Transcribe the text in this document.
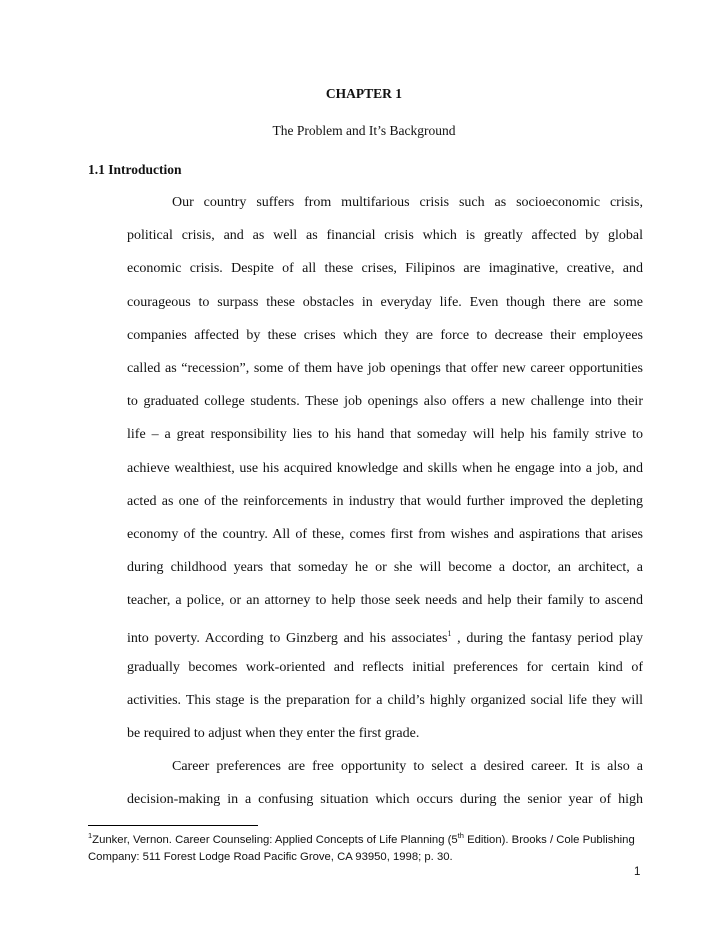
CHAPTER 1
The Problem and It’s Background
1.1 Introduction
Our country suffers from multifarious crisis such as socioeconomic crisis,
political crisis, and as well as financial crisis which is greatly affected by global
economic crisis. Despite of all these crises, Filipinos are imaginative, creative, and
courageous to surpass these obstacles in everyday life. Even though there are some
companies affected by these crises which they are force to decrease their employees
called as “recession”, some of them have job openings that offer new career opportunities
to graduated college students. These job openings also offers a new challenge into their
life – a great responsibility lies to his hand that someday will help his family strive to
achieve wealthiest, use his acquired knowledge and skills when he engage into a job, and
acted as one of the reinforcements in industry that would further improved the depleting
economy of the country. All of these, comes first from wishes and aspirations that arises
during childhood years that someday he or she will become a doctor, an architect, a
teacher, a police, or an attorney to help those seek needs and help their family to ascend
into poverty. According to Ginzberg and his associates$^1$ , during the fantasy period play
gradually becomes work-oriented and reflects initial preferences for certain kind of
activities. This stage is the preparation for a child’s highly organized social life they will
be required to adjust when they enter the first grade.
Career preferences are free opportunity to select a desired career. It is also a
decision-making in a confusing situation which occurs during the senior year of high
$^1$Zunker, Vernon. Career Counseling: Applied Concepts of Life Planning (5th Edition). Brooks / Cole Publishing
Company: 511 Forest Lodge Road Pacific Grove, CA 93950, 1998; p. 30.
1
